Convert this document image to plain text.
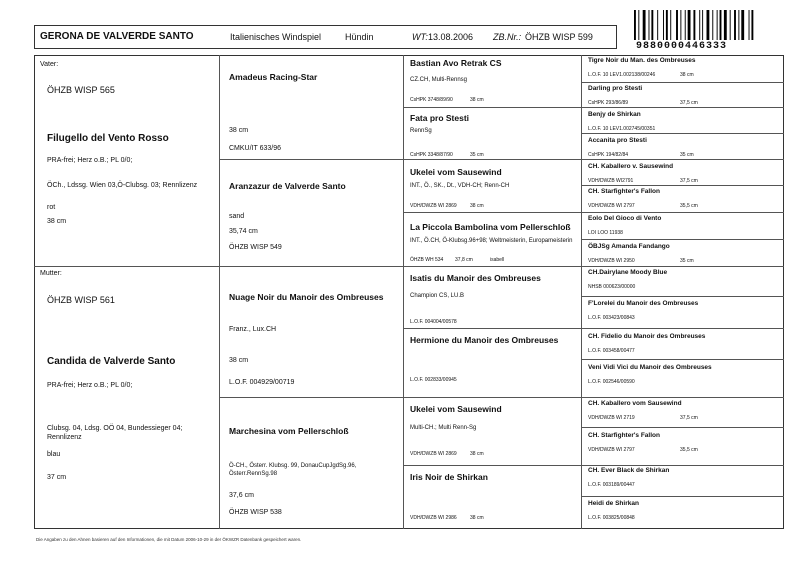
GERONA DE VALVERDE SANTO	Italienisches Windspiel	Hündin	WT: 13.08.2006 ZB.Nr.: ÖHZB WISP 599
9880000446333
Vater:
ÖHZB WISP 565
Filugello del Vento Rosso
PRA-frei; Herz o.B.; PL 0/0;
ÖCh., Ldssg. Wien 03,Ö-Clubsg. 03; Rennlizenz
rot
38 cm
Mutter:
ÖHZB WISP 561
Candida de Valverde Santo
PRA-frei; Herz o.B.; PL 0/0;
Clubsg. 04, Ldsg. OÖ 04, Bundessieger 04; Rennlizenz
blau
37 cm
Amadeus Racing-Star
38 cm
CMKU/IT 633/96
Aranzazur de Valverde Santo
sand
35,74 cm
ÖHZB WISP 549
Nuage Noir du Manoir des Ombreuses
Franz., Lux.CH
38 cm
L.O.F. 004929/00719
Marchesina vom Pellerschloß
Ö-CH., Österr. Klubsg. 99, DonauCupJgdSg.96, Österr.RennSg.98
37,6 cm
ÖHZB WISP 538
Bastian Avo Retrak CS
CZ.CH, Multi-Rennsg
CsHPK 3748/89/90	38 cm
Fata pro Stesti
RennSg
CsHPK 3348/87/90	35 cm
Ukelei vom Sausewind
INT., Ö., SK., Dt., VDH-CH; Renn-CH
VDH/DWZB WI 2869	38 cm
La Piccola Bambolina vom Pellerschloß
INT., Ö.CH, Ö-Klubsg.96+98; Weltmeisterin, Europameisterin
ÖHZB WH 534 37,8 cm	isabell
Isatis du Manoir des Ombreuses
Champion CS, LU.B
L.O.F. 004004/00578
Hermione du Manoir des Ombreuses
L.O.F. 002833/00945
Ukelei vom Sausewind
Multi-CH.; Multi Renn-Sg
VDH/DWZB WI 2869	38 cm
Iris Noir de Shirkan
VDH/DWZB WI 2986	38 cm
Tigre Noir du Man. des Ombreuses
L.O.F. 10 LEV1.002138/00246	38 cm
Darling pro Stesti
CsHPK 293/86/89	37,5 cm
Benjy de Shirkan
L.O.F. 10 LEV1.002745/00351
Accanita pro Stesti
CsHPK 194/82/84	35 cm
CH. Kaballero v. Sausewind
VDH/DWZB WI2791	37,5 cm
CH. Starfighter's Fallon
VDH/DWZB WI 2797	35,5 cm
Eolo Del Gioco di Vento
LOI LOO 11938
ÖBJSg Amanda Fandango
VDH/DWZB WI 2950	35 cm
CH.Dairylane Moody Blue
NHSB 000623/00000
F'Lorelei du Manoir des Ombreuses
L.O.F. 003423/00843
CH. Fidelio du Manoir des Ombreuses
L.O.F. 003458/00477
Veni Vidi Vici du Manoir des Ombreuses
L.O.F. 002546/00590
CH. Kaballero vom Sausewind
VDH/DWZB WI 2719	37,5 cm
CH. Starfighter's Fallon
VDH/DWZB WI 2797	35,5 cm
CH. Ever Black de Shirkan
L.O.F. 003189/00447
Heidi de Shirkan
L.O.F. 003825/00848
Die Angaben zu den Ahnen basieren auf den Informationen, die mit Datum 2006-10-29 in der ÖKWZR Datenbank gespeichert waren.
